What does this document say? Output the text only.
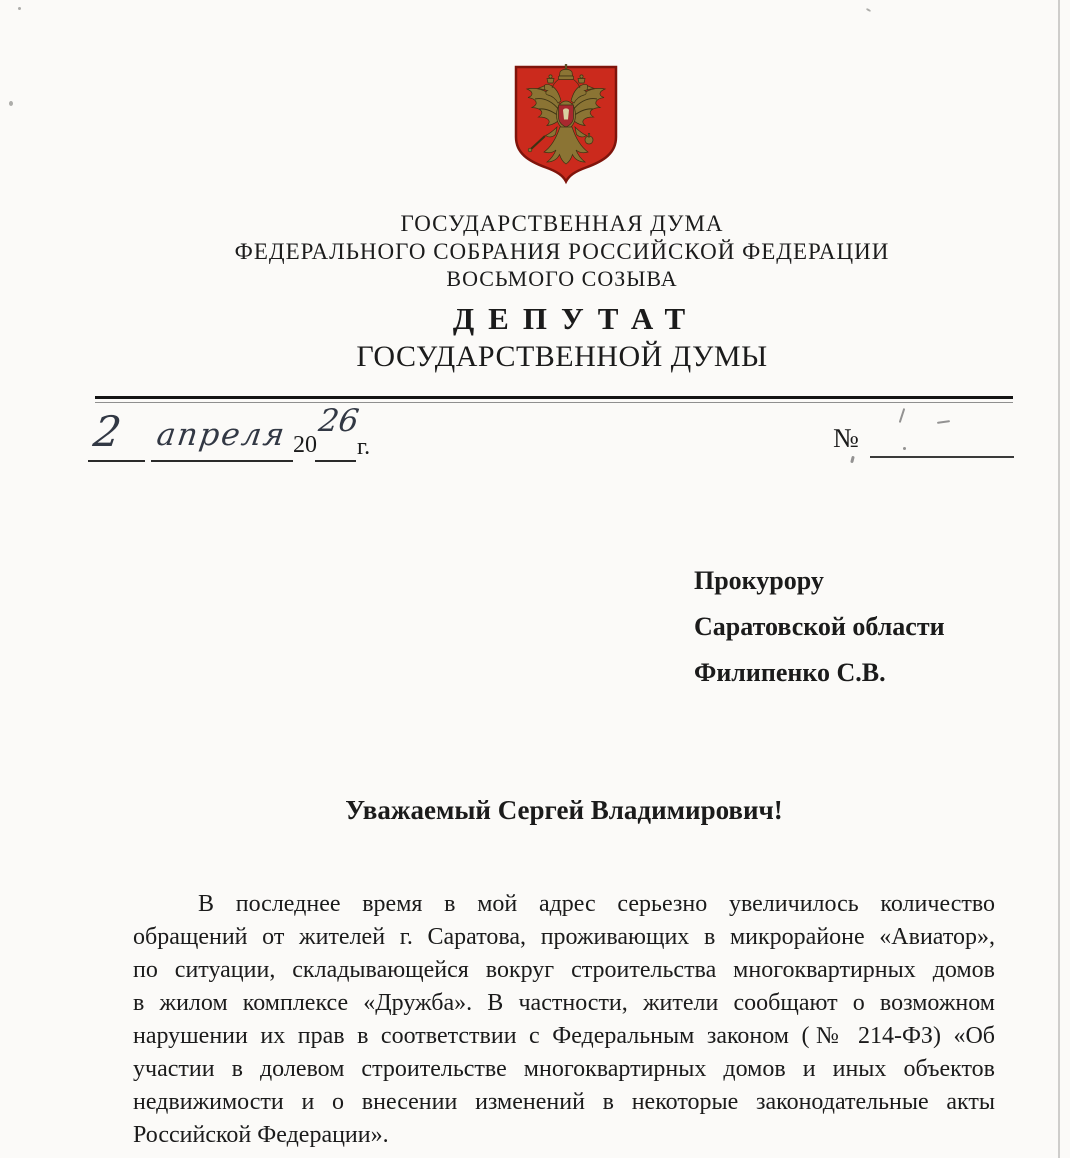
ГОСУДАРСТВЕННАЯ ДУМА
ФЕДЕРАЛЬНОГО СОБРАНИЯ РОССИЙСКОЙ ФЕДЕРАЦИИ
ВОСЬМОГО СОЗЫВА
ДЕПУТАТ
ГОСУДАРСТВЕННОЙ ДУМЫ
2 апреля 20
26
г.	№
Прокурору
Саратовской области
Филипенко С.В.
Уважаемый Сергей Владимирович!
В последнее время в мой адрес серьезно увеличилось количество
обращений от жителей г. Саратова, проживающих в микрорайоне «Авиатор»,
по ситуации, складывающейся вокруг строительства многоквартирных домов
в жилом комплексе «Дружба». В частности, жители сообщают о возможном
нарушении их прав в соответствии с Федеральным законом (№ 214-ФЗ) «Об
участии в долевом строительстве многоквартирных домов и иных объектов
недвижимости и о внесении изменений в некоторые законодательные акты
Российской Федерации».
